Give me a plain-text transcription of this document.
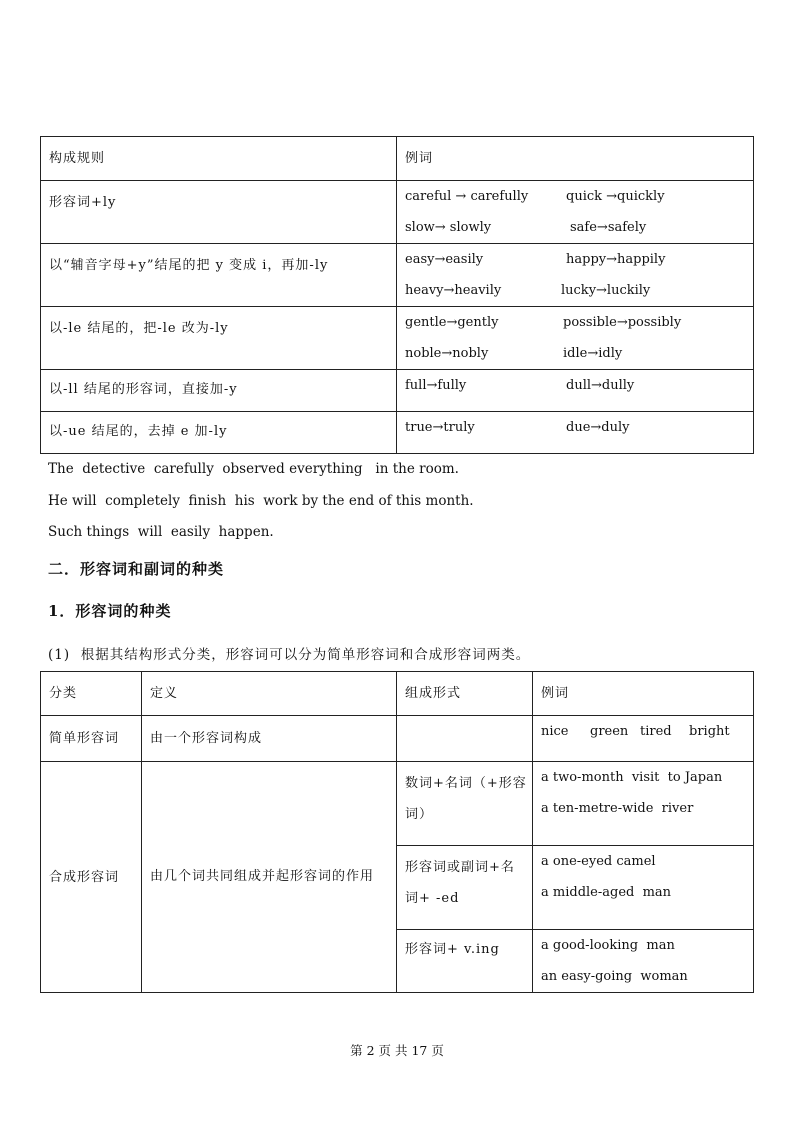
构成规则	例词
形容词+ly	careful → carefully quick →quickly
slow→ slowly safe→safely

以“辅音字母+y”结尾的把 y 变成 i，再加-ly	easy→easily happy→happily
heavy→heavily lucky→luckily

以-le 结尾的，把-le 改为-ly	gentle→gently possible→possibly
noble→nobly idle→idly

以-ll 结尾的形容词，直接加-y	full→fully dull→dully

以-ue 结尾的，去掉 e 加-ly	true→truly due→duly
The  detective  carefully  observed everything   in the room.
He will  completely  finish  his  work by the end of this month.
Such things  will  easily  happen.
二．形容词和副词的种类
1．形容词的种类
(1)  根据其结构形式分类，形容词可以分为简单形容词和合成形容词两类。
分类	定义	组成形式	例词
简单形容词	由一个形容词构成		nice green tired bright

合成形容词	由几个词共同组成并起形容词的作用	数词+名词（+形容词）	a two-month  visit  to Japan
a ten-metre-wide  river

		形容词或副词+名词+ -ed	a one-eyed camel
a middle-aged  man

		形容词+ v.ing	a good-looking  man
an easy-going  woman
第 2 页 共 17 页
